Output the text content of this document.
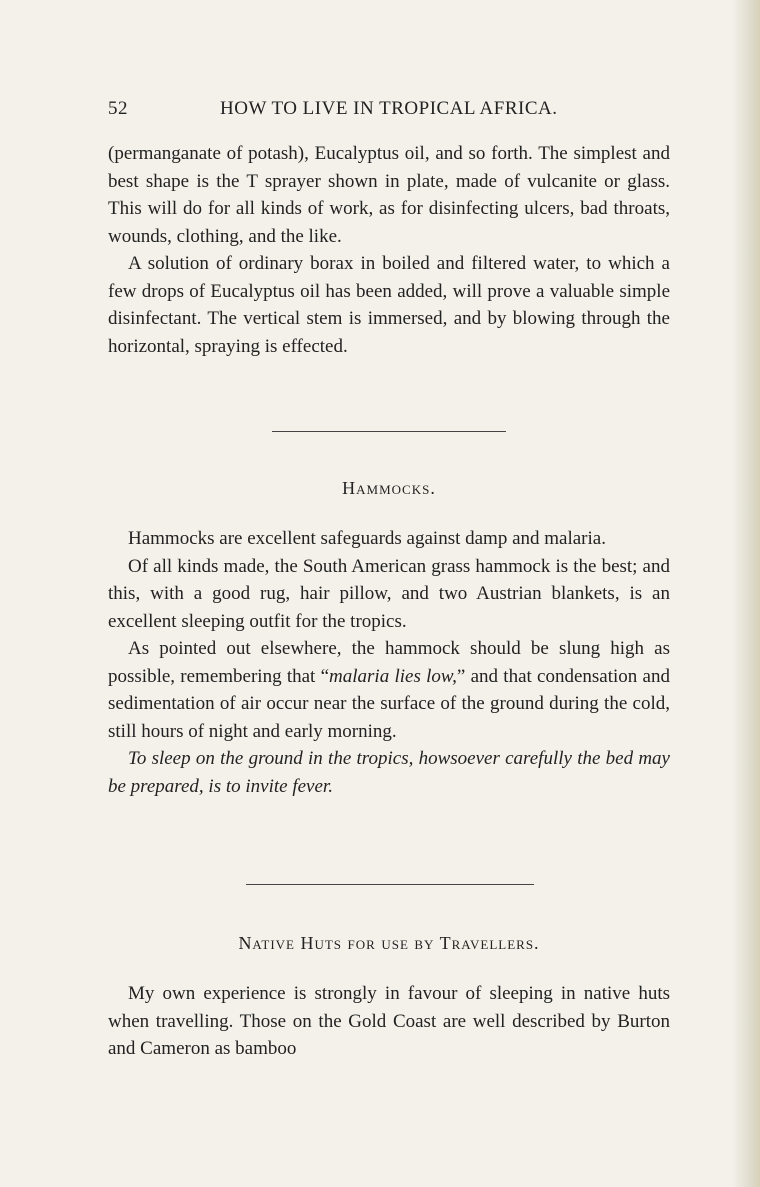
52	HOW TO LIVE IN TROPICAL AFRICA.

(permanganate of potash), Eucalyptus oil, and so forth. The simplest and best shape is the T sprayer shown in plate, made of vulcanite or glass. This will do for all kinds of work, as for disinfecting ulcers, bad throats, wounds, clothing, and the like.

A solution of ordinary borax in boiled and filtered water, to which a few drops of Eucalyptus oil has been added, will prove a valuable simple disinfectant. The vertical stem is immersed, and by blowing through the horizontal, spraying is effected.

Hammocks.

Hammocks are excellent safeguards against damp and malaria.

Of all kinds made, the South American grass hammock is the best; and this, with a good rug, hair pillow, and two Austrian blankets, is an excellent sleeping outfit for the tropics.

As pointed out elsewhere, the hammock should be slung high as possible, remembering that “malaria lies low,” and that condensation and sedimentation of air occur near the surface of the ground during the cold, still hours of night and early morning.

To sleep on the ground in the tropics, howsoever carefully the bed may be prepared, is to invite fever.

Native Huts for use by Travellers.

My own experience is strongly in favour of sleeping in native huts when travelling. Those on the Gold Coast are well described by Burton and Cameron as bamboo
